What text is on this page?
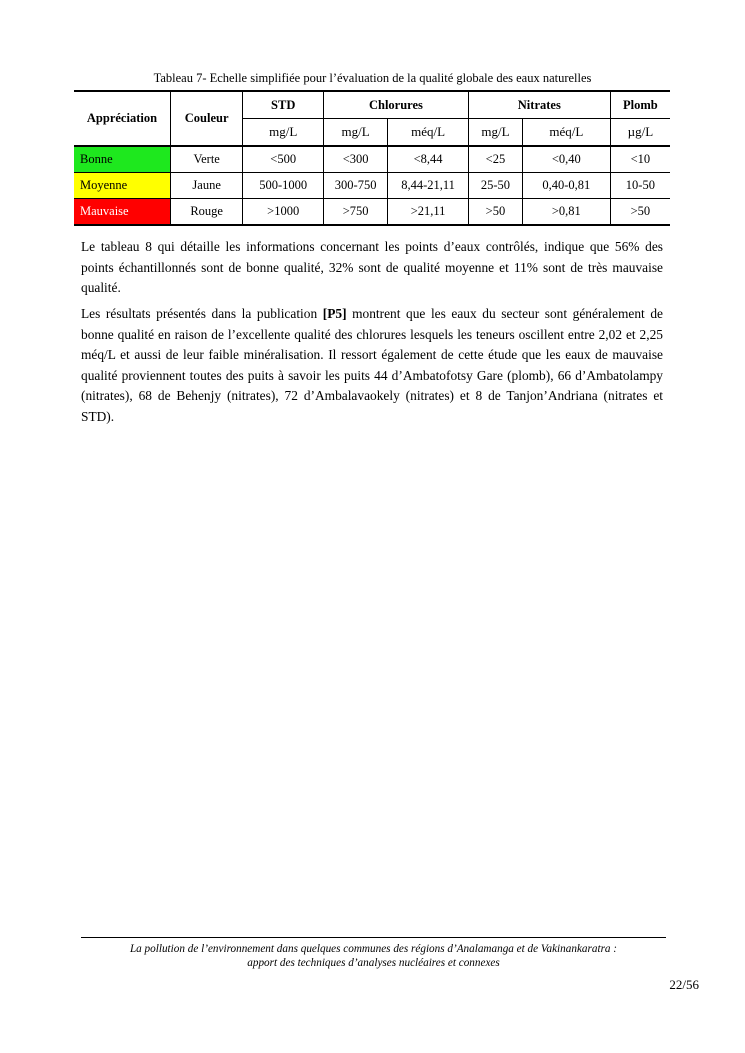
Tableau 7- Echelle simplifiée pour l’évaluation de la qualité globale des eaux naturelles
Appréciation	Couleur	STD	Chlorures		Nitrates		Plomb
		mg/L	mg/L	méq/L	mg/L	méq/L	µg/L
Bonne	Verte	<500	<300	<8,44	<25	<0,40	<10
Moyenne	Jaune	500-1000	300-750	8,44-21,11	25-50	0,40-0,81	10-50
Mauvaise	Rouge	>1000	>750	>21,11	>50	>0,81	>50

Le tableau 8 qui détaille les informations concernant les points d’eaux contrôlés, indique que 56% des points échantillonnés sont de bonne qualité, 32% sont de qualité moyenne et 11% sont de très mauvaise qualité.

Les résultats présentés dans la publication [P5] montrent que les eaux du secteur sont généralement de bonne qualité en raison de l’excellente qualité des chlorures lesquels les teneurs oscillent entre 2,02 et 2,25 méq/L et aussi de leur faible minéralisation. Il ressort également de cette étude que les eaux de mauvaise qualité proviennent toutes des puits à savoir les puits 44 d’Ambatofotsy Gare (plomb), 66 d’Ambatolampy (nitrates), 68 de Behenjy (nitrates), 72 d’Ambalavaokely (nitrates) et 8 de Tanjon’Andriana (nitrates et STD).

La pollution de l’environnement dans quelques communes des régions d’Analamanga et de Vakinankaratra :
apport des techniques d’analyses nucléaires et connexes
22/56
